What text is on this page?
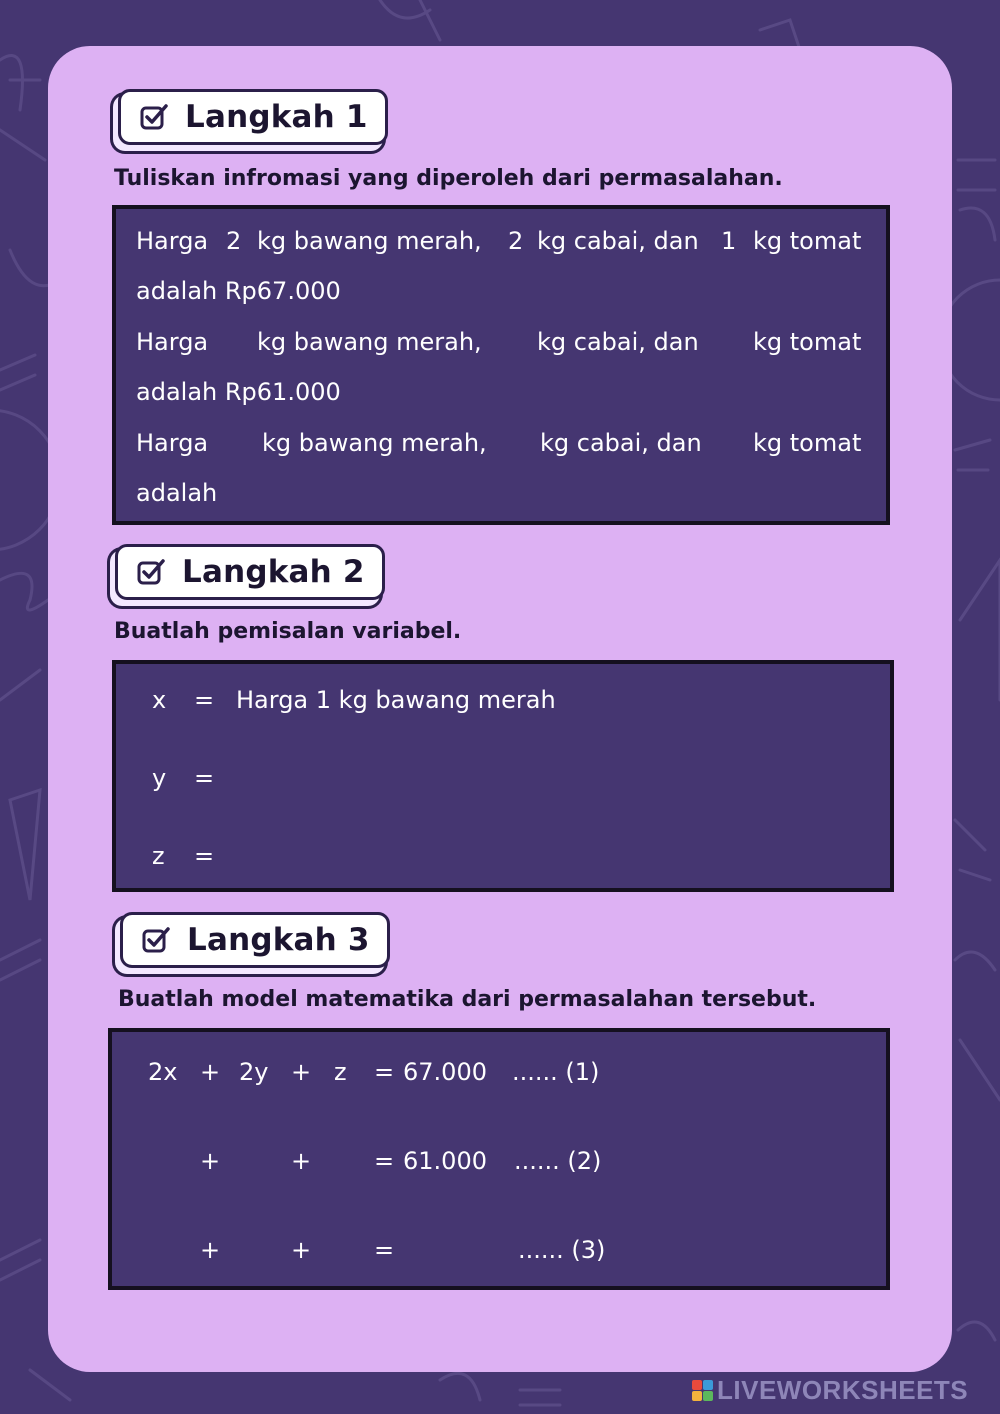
Langkah 1
Tuliskan infromasi yang diperoleh dari permasalahan.
Harga 2 kg bawang merah, 2 kg cabai, dan 1 kg tomat
adalah Rp67.000
Harga kg bawang merah, kg cabai, dan kg tomat
adalah Rp61.000
Harga kg bawang merah, kg cabai, dan kg tomat
adalah
Langkah 2
Buatlah pemisalan variabel.
x = Harga 1 kg bawang merah
y =
z =
Langkah 3
Buatlah model matematika dari permasalahan tersebut.
2x + 2y + z = 67.000 ...... (1)
+	+	= 61.000 ...... (2)
+	+	=	...... (3)
LIVEWORKSHEETS
